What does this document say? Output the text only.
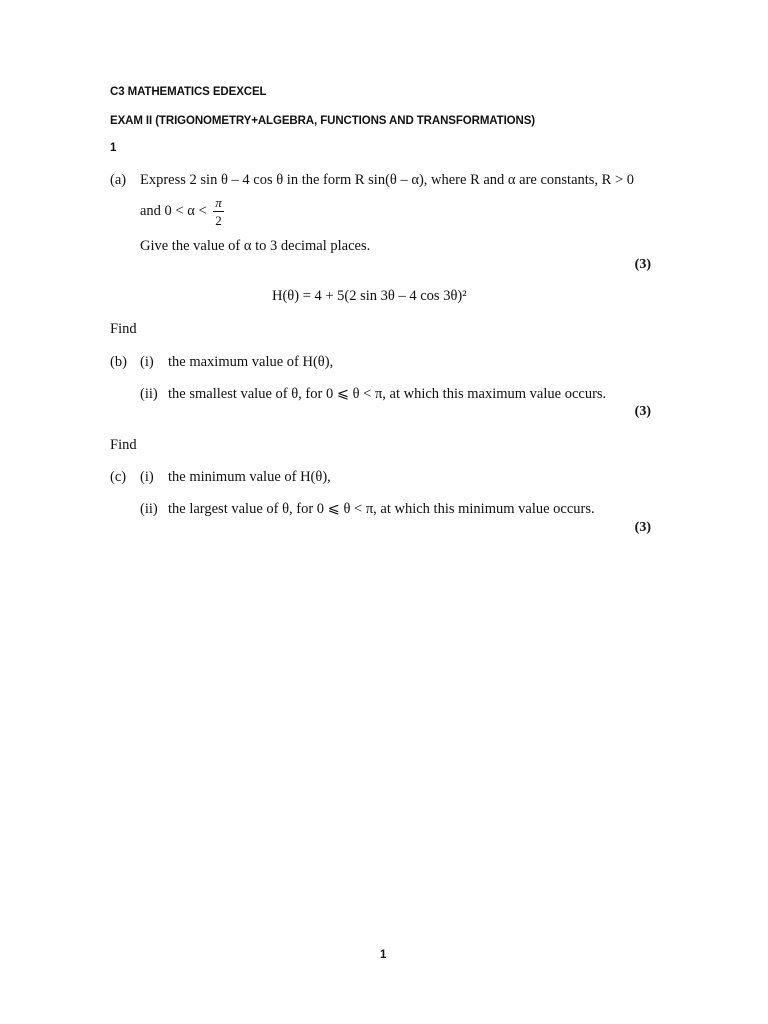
C3 MATHEMATICS EDEXCEL
EXAM II (TRIGONOMETRY+ALGEBRA, FUNCTIONS AND TRANSFORMATIONS)
1
(a) Express 2 sin θ – 4 cos θ in the form R sin(θ – α), where R and α are constants, R > 0
and $0 < \alpha < \frac{\pi}{2}$
Give the value of α to 3 decimal places.
(3)
H(θ) = 4 + 5(2 sin 3θ – 4 cos 3θ)²
Find
(b) (i) the maximum value of H(θ),
(ii) the smallest value of θ, for 0 ⩽ θ < π, at which this maximum value occurs.
(3)
Find
(c) (i) the minimum value of H(θ),
(ii) the largest value of θ, for 0 ⩽ θ < π, at which this minimum value occurs.
(3)
1
